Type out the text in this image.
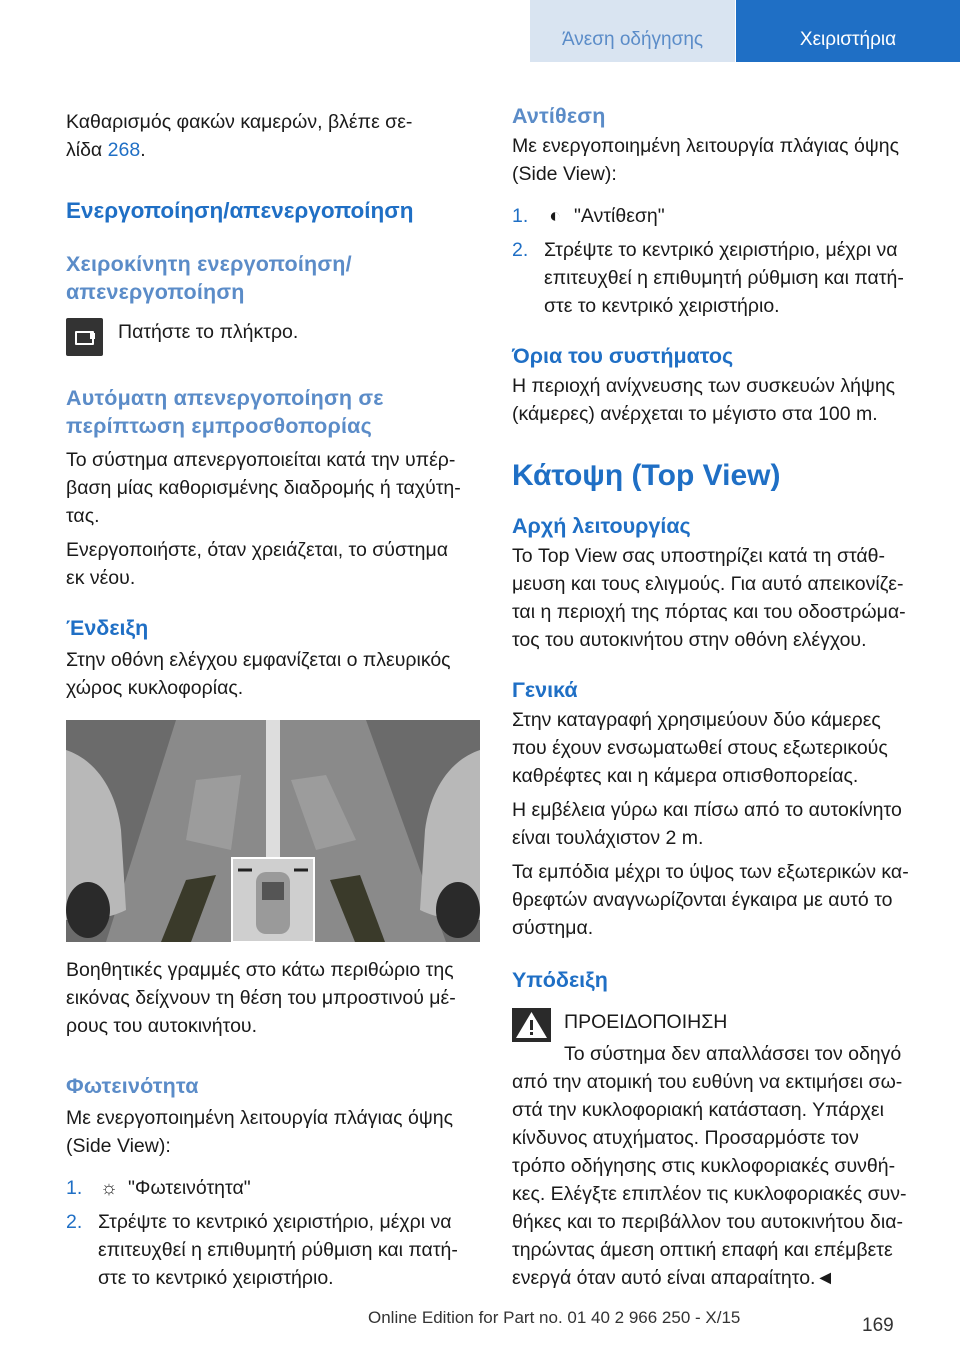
Άνεση οδήγησης	Χειριστήρια

Καθαρισμός φακών καμερών, βλέπε σε‐
λίδα 268.

Ενεργοποίηση/απενεργοποίηση
Χειροκίνητη ενεργοποίηση/
απενεργοποίηση

Πατήστε το πλήκτρο.

Αυτόματη απενεργοποίηση σε
περίπτωση εμπροσθοπορίας

Το σύστημα απενεργοποιείται κατά την υπέρ‐
βαση μίας καθορισμένης διαδρομής ή ταχύτη‐
τας.

Ενεργοποιήστε, όταν χρειάζεται, το σύστημα
εκ νέου.

Ένδειξη

Στην οθόνη ελέγχου εμφανίζεται ο πλευρικός
χώρος κυκλοφορίας.

Βοηθητικές γραμμές στο κάτω περιθώριο της
εικόνας δείχνουν τη θέση του μπροστινού μέ‐
ρους του αυτοκινήτου.

Φωτεινότητα

Με ενεργοποιημένη λειτουργία πλάγιας όψης
(Side View):

1. ☼ "Φωτεινότητα"
2. Στρέψτε το κεντρικό χειριστήριο, μέχρι να επιτευχθεί η επιθυμητή ρύθμιση και πατή‐ στε το κεντρικό χειριστήριο.
Αντίθεση

Με ενεργοποιημένη λειτουργία πλάγιας όψης
(Side View):

1. ◐ "Αντίθεση"
2. Στρέψτε το κεντρικό χειριστήριο, μέχρι να επιτευχθεί η επιθυμητή ρύθμιση και πατή‐ στε το κεντρικό χειριστήριο.
Όρια του συστήματος

Η περιοχή ανίχνευσης των συσκευών λήψης
(κάμερες) ανέρχεται το μέγιστο στα 100 m.

Κάτοψη (Top View)
Αρχή λειτουργίας

Το Top View σας υποστηρίζει κατά τη στάθ‐
μευση και τους ελιγμούς. Για αυτό απεικονίζε‐
ται η περιοχή της πόρτας και του οδοστρώμα‐
τος του αυτοκινήτου στην οθόνη ελέγχου.

Γενικά

Στην καταγραφή χρησιμεύουν δύο κάμερες
που έχουν ενσωματωθεί στους εξωτερικούς
καθρέφτες και η κάμερα οπισθοπορείας.

Η εμβέλεια γύρω και πίσω από το αυτοκίνητο
είναι τουλάχιστον 2 m.

Τα εμπόδια μέχρι το ύψος των εξωτερικών κα‐
θρεφτών αναγνωρίζονται έγκαιρα με αυτό το
σύστημα.

Υπόδειξη

ΠΡΟΕΙΔΟΠΟΙΗΣΗ

Το σύστημα δεν απαλλάσσει τον οδηγό

από την ατομική του ευθύνη να εκτιμήσει σω‐
στά την κυκλοφοριακή κατάσταση. Υπάρχει
κίνδυνος ατυχήματος. Προσαρμόστε τον
τρόπο οδήγησης στις κυκλοφοριακές συνθή‐
κες. Ελέγξτε επιπλέον τις κυκλοφοριακές συν‐
θήκες και το περιβάλλον του αυτοκινήτου δια‐
τηρώντας άμεση οπτική επαφή και επέμβετε
ενεργά όταν αυτό είναι απαραίτητο.◄

169
Online Edition for Part no. 01 40 2 966 250 - X/15
